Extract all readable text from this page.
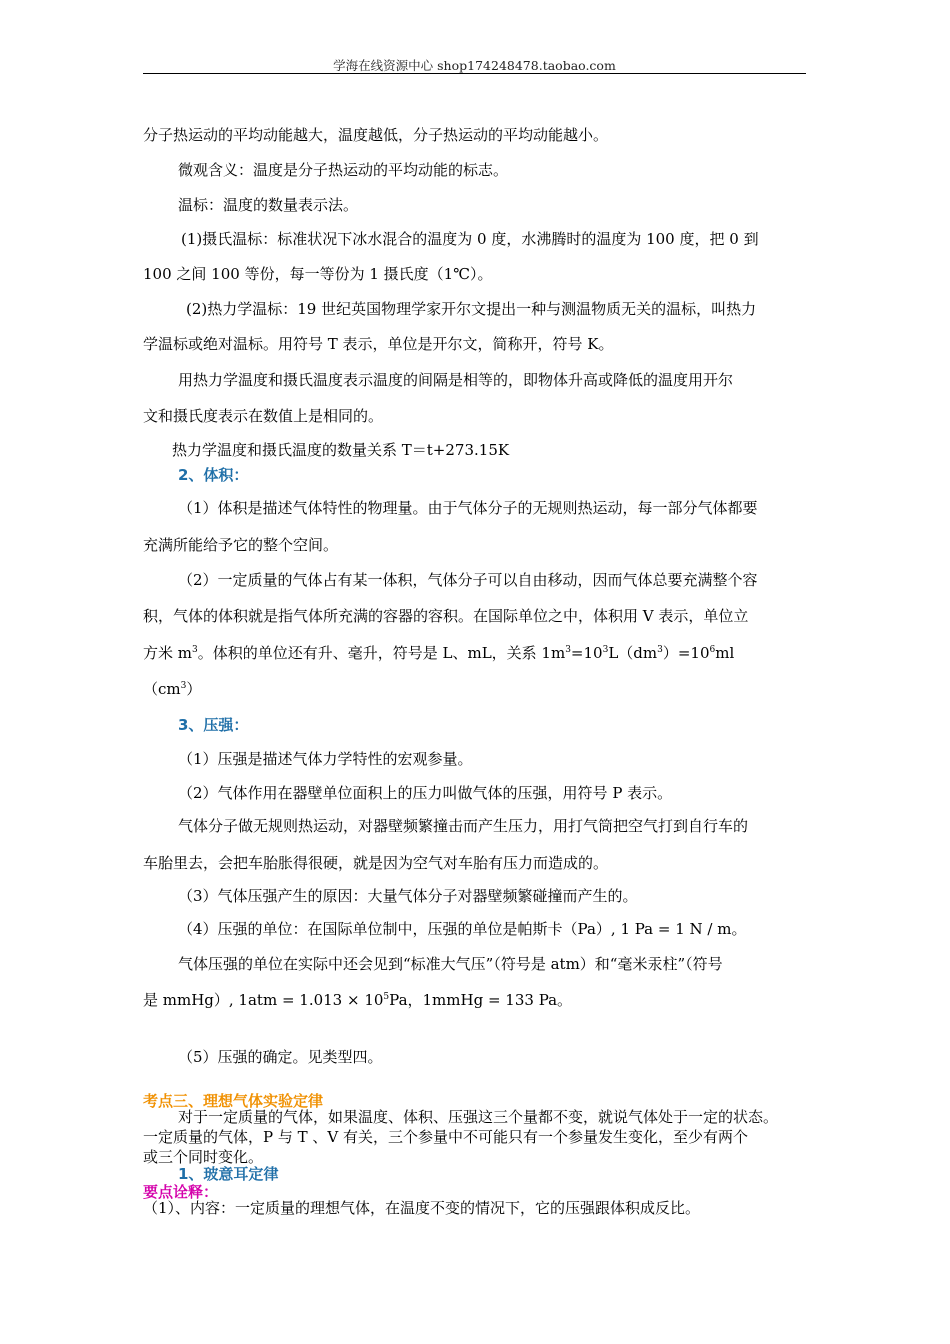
学海在线资源中心 shop174248478.taobao.com
分子热运动的平均动能越大，温度越低，分子热运动的平均动能越小。
微观含义：温度是分子热运动的平均动能的标志。
温标：温度的数量表示法。
(1)摄氏温标：标准状况下冰水混合的温度为 0 度，水沸腾时的温度为 100 度，把 0 到
100 之间 100 等份，每一等份为 1 摄氏度（1℃）。
(2)热力学温标：19 世纪英国物理学家开尔文提出一种与测温物质无关的温标，叫热力
学温标或绝对温标。用符号 T 表示，单位是开尔文，简称开，符号 K。
用热力学温度和摄氏温度表示温度的间隔是相等的，即物体升高或降低的温度用开尔
文和摄氏度表示在数值上是相同的。
热力学温度和摄氏温度的数量关系 T＝t+273.15K
2、体积：
（1）体积是描述气体特性的物理量。由于气体分子的无规则热运动，每一部分气体都要
充满所能给予它的整个空间。
（2）一定质量的气体占有某一体积，气体分子可以自由移动，因而气体总要充满整个容
积，气体的体积就是指气体所充满的容器的容积。在国际单位之中，体积用 V 表示，单位立
方米 $m^3$。体积的单位还有升、毫升，符号是 L、mL，关系 $1m^3=10^3L(dm^3)=10^6ml$
$(cm^3)$
3、压强：
（1）压强是描述气体力学特性的宏观参量。
（2）气体作用在器壁单位面积上的压力叫做气体的压强，用符号 P 表示。
气体分子做无规则热运动，对器壁频繁撞击而产生压力，用打气筒把空气打到自行车的
车胎里去，会把车胎胀得很硬，就是因为空气对车胎有压力而造成的。
（3）气体压强产生的原因：大量气体分子对器壁频繁碰撞而产生的。
（4）压强的单位：在国际单位制中，压强的单位是帕斯卡（Pa）, 1 Pa = 1 N / m。
气体压强的单位在实际中还会见到“标准大气压”（符号是 atm）和“毫米汞柱”（符号
是 mmHg）, $1atm = 1.013 \times 10^5Pa$，1mmHg = 133 Pa。
（5）压强的确定。见类型四。
考点三、理想气体实验定律
对于一定质量的气体，如果温度、体积、压强这三个量都不变，就说气体处于一定的状态。
一定质量的气体，P 与 T 、V 有关，三个参量中不可能只有一个参量发生变化，至少有两个
或三个同时变化。
1、玻意耳定律
要点诠释：
（1）、内容：一定质量的理想气体，在温度不变的情况下，它的压强跟体积成反比。
